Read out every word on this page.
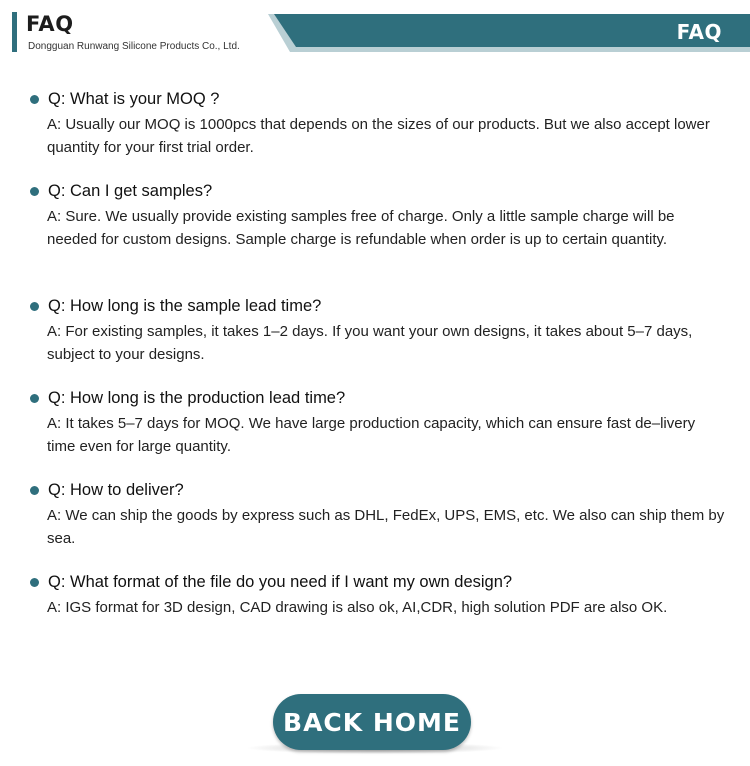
FAQ
Dongguan Runwang Silicone Products Co., Ltd.
FAQ
Q: What is your MOQ ?
A: Usually our MOQ is 1000pcs that depends on the sizes of our products. But we also accept lower quantity for your first trial order.
Q: Can I get samples?
A: Sure. We usually provide existing samples free of charge. Only a little sample charge will be needed for custom designs. Sample charge is refundable when order is up to certain quantity.
Q: How long is the sample lead time?
A: For existing samples, it takes 1–2 days. If you want your own designs, it takes about 5–7 days, subject to your designs.
Q: How long is the production lead time?
A: It takes 5–7 days for MOQ. We have large production capacity, which can ensure fast de–livery time even for large quantity.
Q: How to deliver?
A: We can ship the goods by express such as DHL, FedEx, UPS, EMS, etc. We also can ship them by sea.
Q: What format of the file do you need if I want my own design?
A: IGS format for 3D design, CAD drawing is also ok, AI,CDR, high solution PDF are also OK.
BACK HOME
